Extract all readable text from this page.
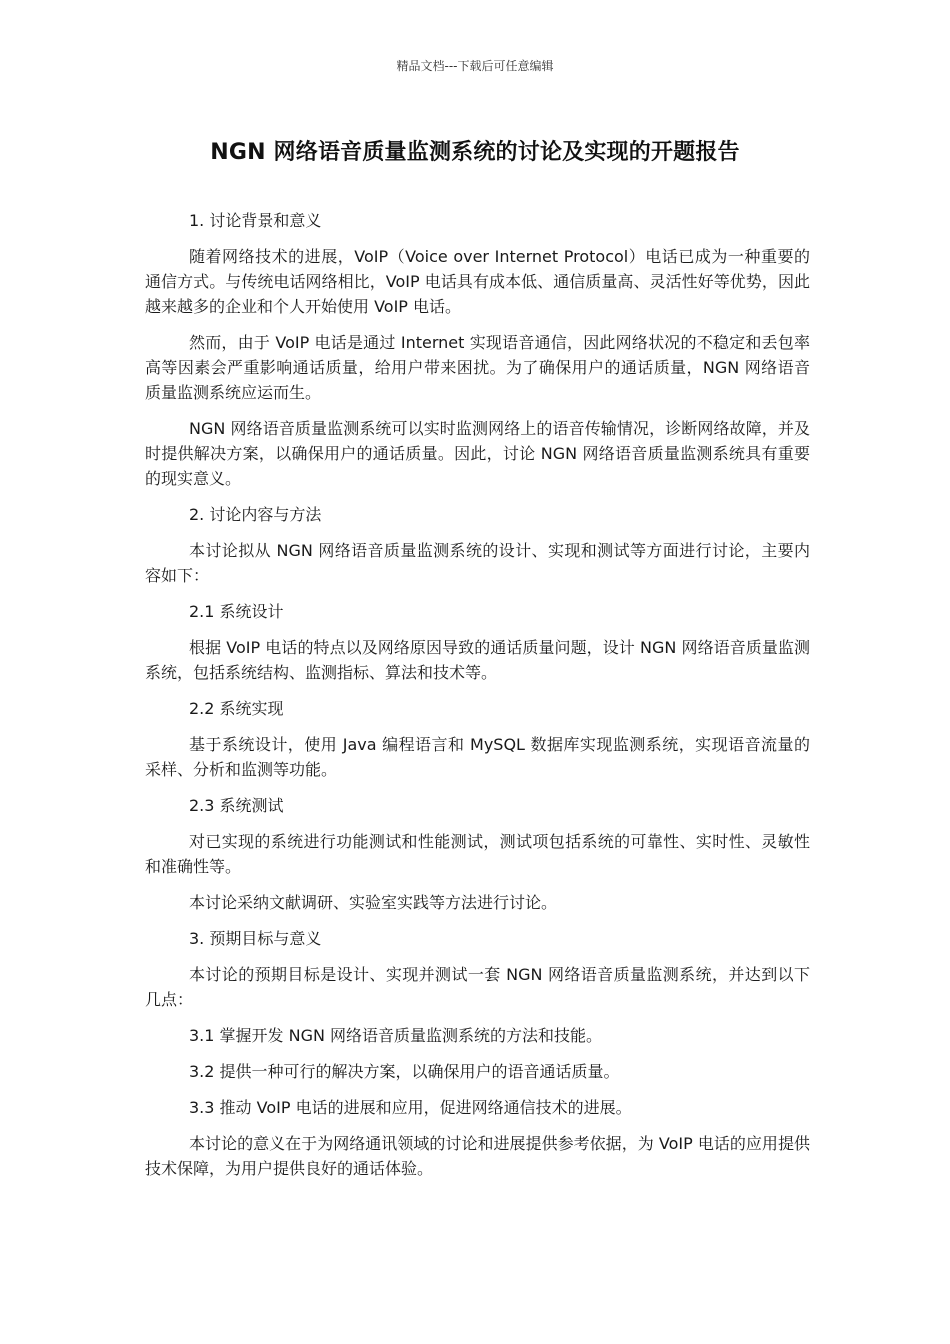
精品文档---下载后可任意编辑
NGN 网络语音质量监测系统的讨论及实现的开题报告

1. 讨论背景和意义

随着网络技术的进展，VoIP（Voice over Internet Protocol）电话已成为一种重要的通信方式。与传统电话网络相比，VoIP 电话具有成本低、通信质量高、灵活性好等优势，因此越来越多的企业和个人开始使用 VoIP 电话。

然而，由于 VoIP 电话是通过 Internet 实现语音通信，因此网络状况的不稳定和丢包率高等因素会严重影响通话质量，给用户带来困扰。为了确保用户的通话质量，NGN 网络语音质量监测系统应运而生。

NGN 网络语音质量监测系统可以实时监测网络上的语音传输情况，诊断网络故障，并及时提供解决方案，以确保用户的通话质量。因此，讨论 NGN 网络语音质量监测系统具有重要的现实意义。

2. 讨论内容与方法

本讨论拟从 NGN 网络语音质量监测系统的设计、实现和测试等方面进行讨论，主要内容如下：

2.1 系统设计

根据 VoIP 电话的特点以及网络原因导致的通话质量问题，设计 NGN 网络语音质量监测系统，包括系统结构、监测指标、算法和技术等。

2.2 系统实现

基于系统设计，使用 Java 编程语言和 MySQL 数据库实现监测系统，实现语音流量的采样、分析和监测等功能。

2.3 系统测试

对已实现的系统进行功能测试和性能测试，测试项包括系统的可靠性、实时性、灵敏性和准确性等。

本讨论采纳文献调研、实验室实践等方法进行讨论。

3. 预期目标与意义

本讨论的预期目标是设计、实现并测试一套 NGN 网络语音质量监测系统，并达到以下几点：

3.1 掌握开发 NGN 网络语音质量监测系统的方法和技能。

3.2 提供一种可行的解决方案，以确保用户的语音通话质量。

3.3 推动 VoIP 电话的进展和应用，促进网络通信技术的进展。

本讨论的意义在于为网络通讯领域的讨论和进展提供参考依据，为 VoIP 电话的应用提供技术保障，为用户提供良好的通话体验。
